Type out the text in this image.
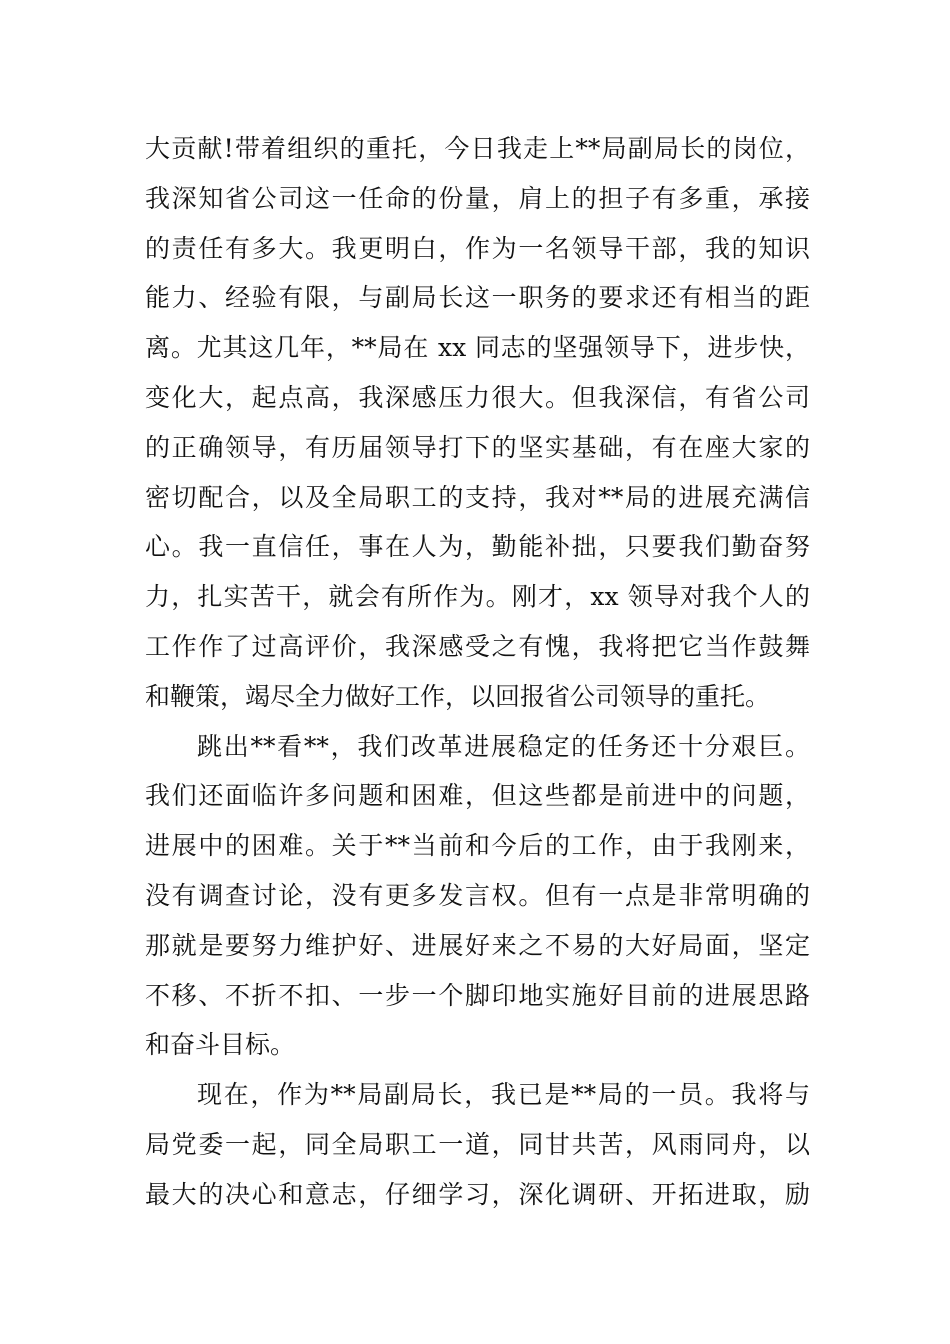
大贡献!带着组织的重托，今日我走上**局副局长的岗位，
我深知省公司这一任命的份量，肩上的担子有多重，承接
的责任有多大。我更明白，作为一名领导干部，我的知识
能力、经验有限，与副局长这一职务的要求还有相当的距
离。尤其这几年，**局在 xx 同志的坚强领导下，进步快，
变化大，起点高，我深感压力很大。但我深信，有省公司
的正确领导，有历届领导打下的坚实基础，有在座大家的
密切配合，以及全局职工的支持，我对**局的进展充满信
心。我一直信任，事在人为，勤能补拙，只要我们勤奋努
力，扎实苦干，就会有所作为。刚才，xx 领导对我个人的
工作作了过高评价，我深感受之有愧，我将把它当作鼓舞
和鞭策，竭尽全力做好工作，以回报省公司领导的重托。
跳出**看**，我们改革进展稳定的任务还十分艰巨。
我们还面临许多问题和困难，但这些都是前进中的问题，
进展中的困难。关于**当前和今后的工作，由于我刚来，
没有调查讨论，没有更多发言权。但有一点是非常明确的
那就是要努力维护好、进展好来之不易的大好局面，坚定
不移、不折不扣、一步一个脚印地实施好目前的进展思路
和奋斗目标。
现在，作为**局副局长，我已是**局的一员。我将与
局党委一起，同全局职工一道，同甘共苦，风雨同舟，以
最大的决心和意志，仔细学习，深化调研、开拓进取，励
